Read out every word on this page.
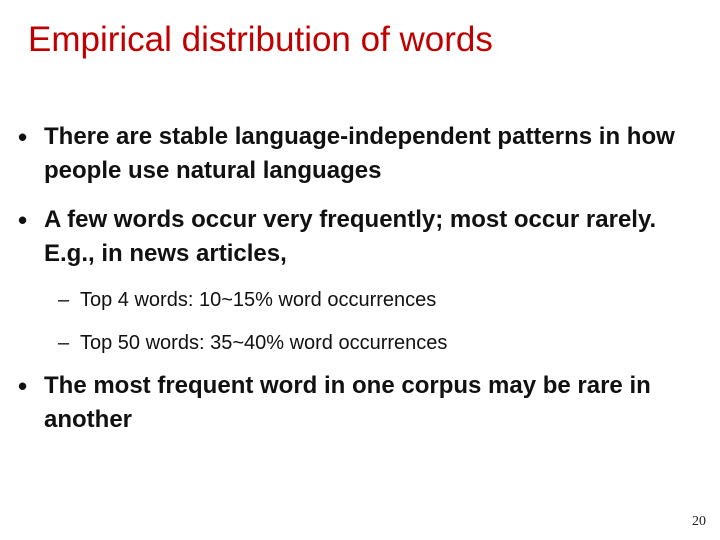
Empirical distribution of words
• There are stable language-independent patterns in how people use natural languages
• A few words occur very frequently; most occur rarely. E.g., in news articles,
– Top 4 words: 10~15% word occurrences
– Top 50 words: 35~40% word occurrences
• The most frequent word in one corpus may be rare in another
20
